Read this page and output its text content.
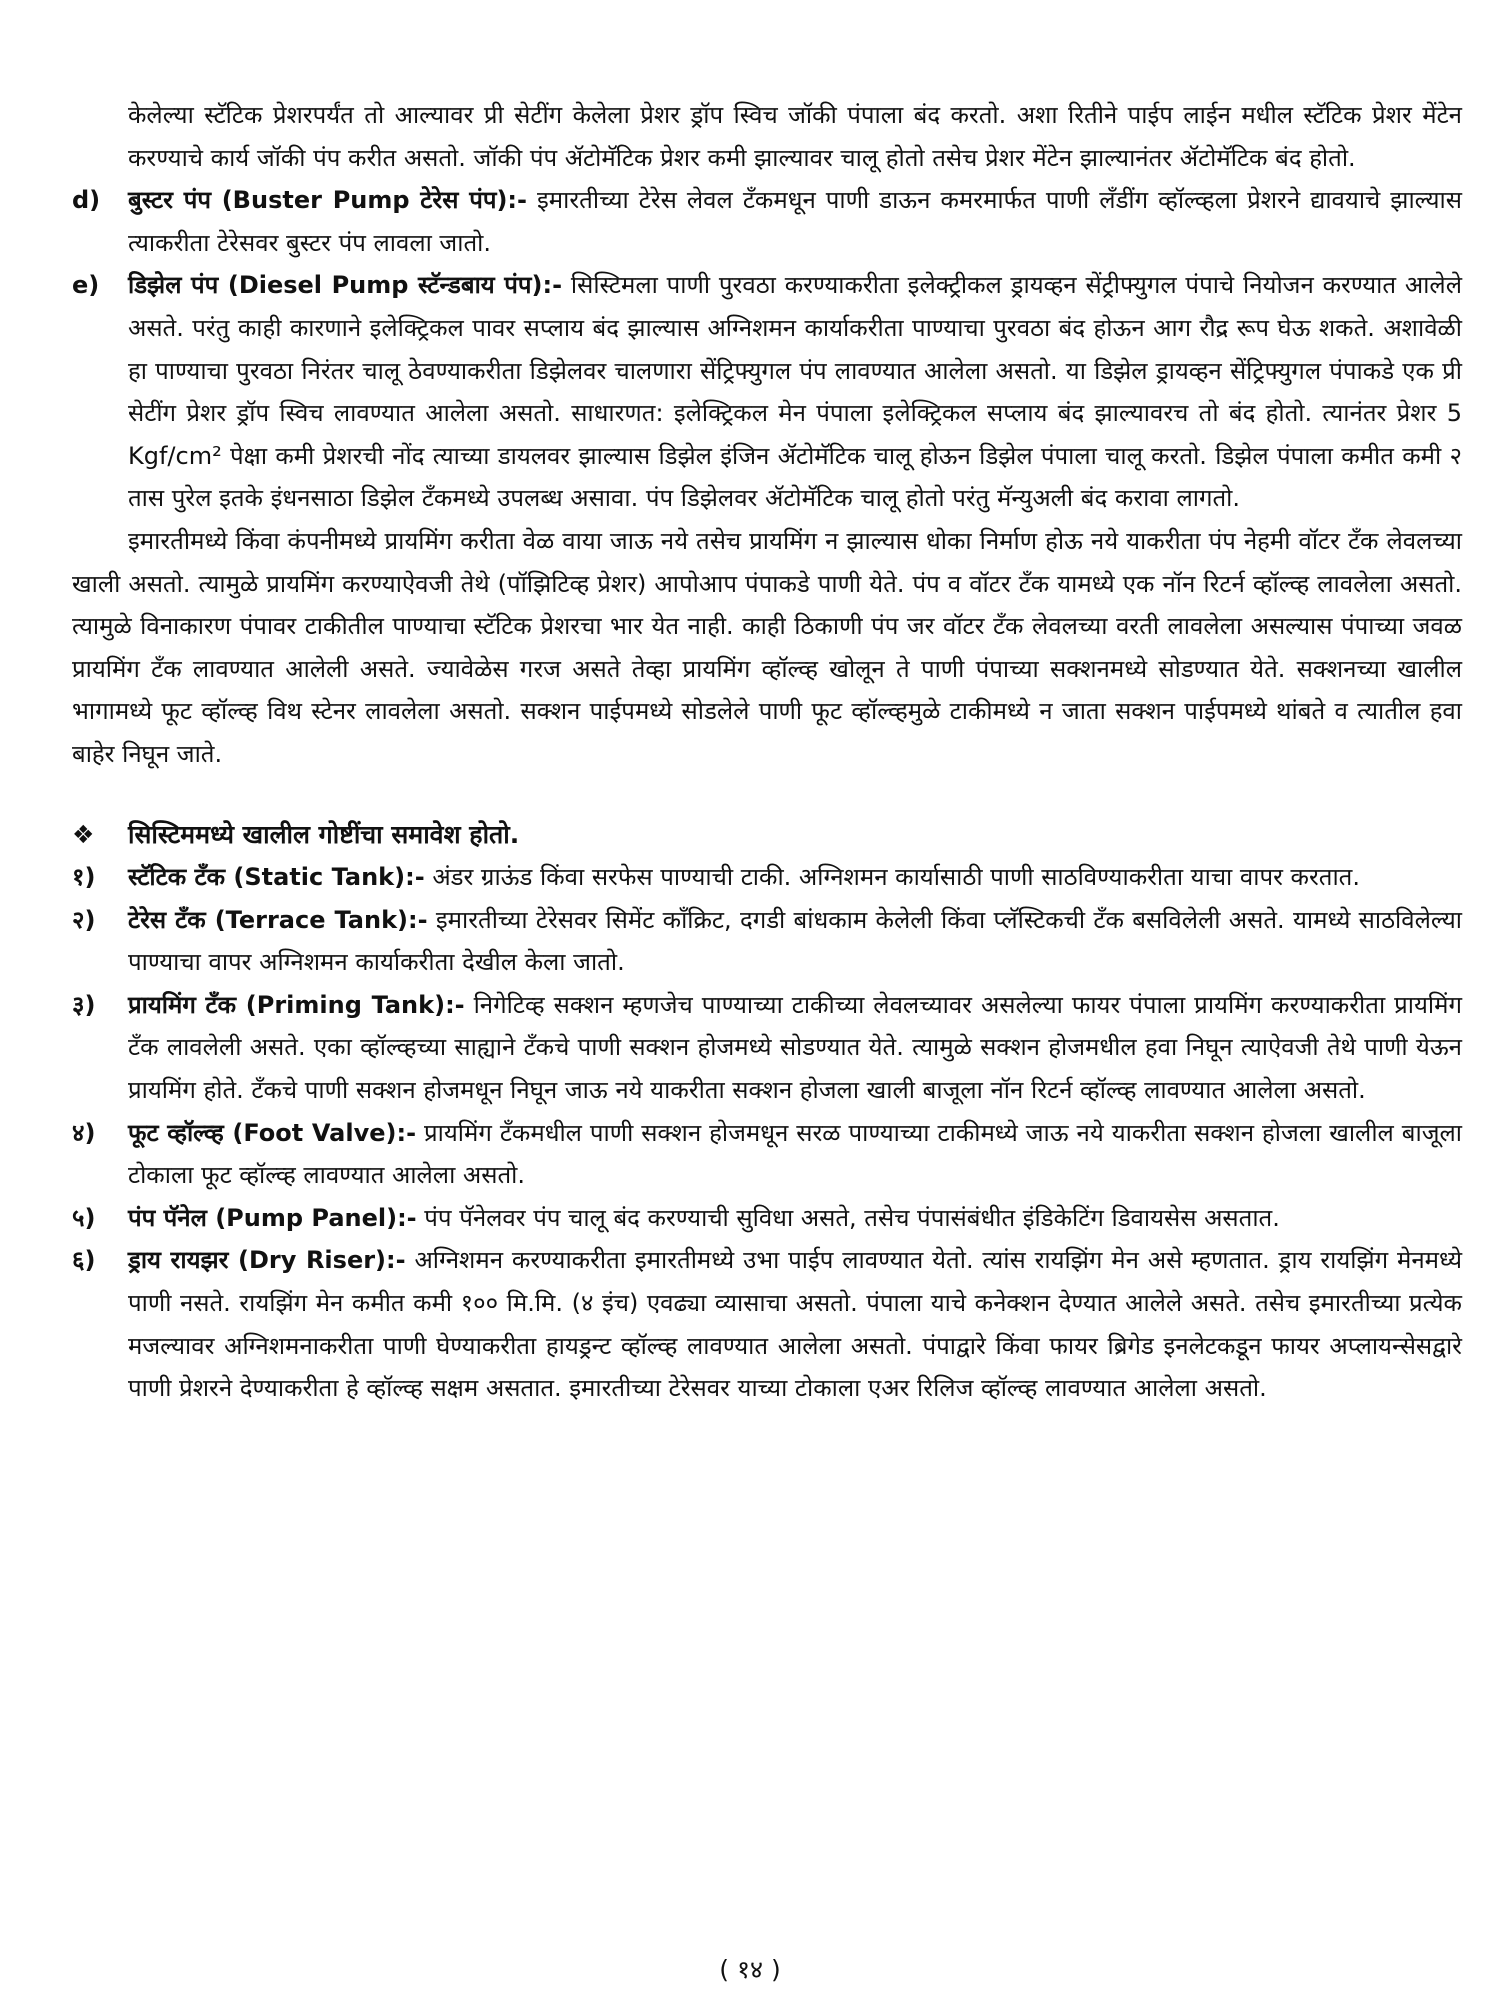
केलेल्या स्टॅटिक प्रेशरपर्यंत तो आल्यावर प्री सेटींग केलेला प्रेशर ड्रॉप स्विच जॉकी पंपाला बंद करतो. अशा रितीने पाईप लाईन मधील स्टॅटिक प्रेशर मेंटेन करण्याचे कार्य जॉकी पंप करीत असतो. जॉकी पंप ॲटोमॅटिक प्रेशर कमी झाल्यावर चालू होतो तसेच प्रेशर मेंटेन झाल्यानंतर ॲटोमॅटिक बंद होतो.

d)	बुस्टर पंप (Buster Pump टेरेस पंप):- इमारतीच्या टेरेस लेवल टँकमधून पाणी डाऊन कमरमार्फत पाणी लँडींग व्हॉल्व्हला प्रेशरने द्यावयाचे झाल्यास त्याकरीता टेरेसवर बुस्टर पंप लावला जातो.
e)	डिझेल पंप (Diesel Pump स्टॅन्डबाय पंप):- सिस्टिमला पाणी पुरवठा करण्याकरीता इलेक्ट्रीकल ड्रायव्हन सेंट्रीफ्युगल पंपाचे नियोजन करण्यात आलेले असते. परंतु काही कारणाने इलेक्ट्रिकल पावर सप्लाय बंद झाल्यास अग्निशमन कार्याकरीता पाण्याचा पुरवठा बंद होऊन आग रौद्र रूप घेऊ शकते. अशावेळी हा पाण्याचा पुरवठा निरंतर चालू ठेवण्याकरीता डिझेलवर चालणारा सेंट्रिफ्युगल पंप लावण्यात आलेला असतो. या डिझेल ड्रायव्हन सेंट्रिफ्युगल पंपाकडे एक प्री सेटींग प्रेशर ड्रॉप स्विच लावण्यात आलेला असतो. साधारणत: इलेक्ट्रिकल मेन पंपाला इलेक्ट्रिकल सप्लाय बंद झाल्यावरच तो बंद होतो. त्यानंतर प्रेशर 5 Kgf/cm² पेक्षा कमी प्रेशरची नोंद त्याच्या डायलवर झाल्यास डिझेल इंजिन ॲटोमॅटिक चालू होऊन डिझेल पंपाला चालू करतो. डिझेल पंपाला कमीत कमी २ तास पुरेल इतके इंधनसाठा डिझेल टँकमध्ये उपलब्ध असावा. पंप डिझेलवर ॲटोमॅटिक चालू होतो परंतु मॅन्युअली बंद करावा लागतो.

इमारतीमध्ये किंवा कंपनीमध्ये प्रायमिंग करीता वेळ वाया जाऊ नये तसेच प्रायमिंग न झाल्यास धोका निर्माण होऊ नये याकरीता पंप नेहमी वॉटर टँक लेवलच्या खाली असतो. त्यामुळे प्रायमिंग करण्याऐवजी तेथे (पॉझिटिव्ह प्रेशर) आपोआप पंपाकडे पाणी येते. पंप व वॉटर टँक यामध्ये एक नॉन रिटर्न व्हॉल्व्ह लावलेला असतो. त्यामुळे विनाकारण पंपावर टाकीतील पाण्याचा स्टॅटिक प्रेशरचा भार येत नाही. काही ठिकाणी पंप जर वॉटर टँक लेवलच्या वरती लावलेला असल्यास पंपाच्या जवळ प्रायमिंग टँक लावण्यात आलेली असते. ज्यावेळेस गरज असते तेव्हा प्रायमिंग व्हॉल्व्ह खोलून ते पाणी पंपाच्या सक्शनमध्ये सोडण्यात येते. सक्शनच्या खालील भागामध्ये फूट व्हॉल्व्ह विथ स्टेनर लावलेला असतो. सक्शन पाईपमध्ये सोडलेले पाणी फूट व्हॉल्व्हमुळे टाकीमध्ये न जाता सक्शन पाईपमध्ये थांबते व त्यातील हवा बाहेर निघून जाते.

❖	सिस्टिममध्ये खालील गोष्टींचा समावेश होतो.
१)	स्टॅटिक टँक (Static Tank):- अंडर ग्राऊंड किंवा सरफेस पाण्याची टाकी. अग्निशमन कार्यासाठी पाणी साठविण्याकरीता याचा वापर करतात.
२)	टेरेस टँक (Terrace Tank):- इमारतीच्या टेरेसवर सिमेंट कॉंक्रिट, दगडी बांधकाम केलेली किंवा प्लॅस्टिकची टँक बसविलेली असते. यामध्ये साठविलेल्या पाण्याचा वापर अग्निशमन कार्याकरीता देखील केला जातो.
३)	प्रायमिंग टँक (Priming Tank):- निगेटिव्ह सक्शन म्हणजेच पाण्याच्या टाकीच्या लेवलच्यावर असलेल्या फायर पंपाला प्रायमिंग करण्याकरीता प्रायमिंग टँक लावलेली असते. एका व्हॉल्व्हच्या साह्याने टँकचे पाणी सक्शन होजमध्ये सोडण्यात येते. त्यामुळे सक्शन होजमधील हवा निघून त्याऐवजी तेथे पाणी येऊन प्रायमिंग होते. टँकचे पाणी सक्शन होजमधून निघून जाऊ नये याकरीता सक्शन होजला खाली बाजूला नॉन रिटर्न व्हॉल्व्ह लावण्यात आलेला असतो.
४)	फूट व्हॉल्व्ह (Foot Valve):- प्रायमिंग टँकमधील पाणी सक्शन होजमधून सरळ पाण्याच्या टाकीमध्ये जाऊ नये याकरीता सक्शन होजला खालील बाजूला टोकाला फूट व्हॉल्व्ह लावण्यात आलेला असतो.
५)	पंप पॅनेल (Pump Panel):- पंप पॅनेलवर पंप चालू बंद करण्याची सुविधा असते, तसेच पंपासंबंधीत इंडिकेटिंग डिवायसेस असतात.
६)	ड्राय रायझर (Dry Riser):- अग्निशमन करण्याकरीता इमारतीमध्ये उभा पाईप लावण्यात येतो. त्यांस रायझिंग मेन असे म्हणतात. ड्राय रायझिंग मेनमध्ये पाणी नसते. रायझिंग मेन कमीत कमी १०० मि.मि. (४ इंच) एवढ्या व्यासाचा असतो. पंपाला याचे कनेक्शन देण्यात आलेले असते. तसेच इमारतीच्या प्रत्येक मजल्यावर अग्निशमनाकरीता पाणी घेण्याकरीता हायड्रन्ट व्हॉल्व्ह लावण्यात आलेला असतो. पंपाद्वारे किंवा फायर ब्रिगेड इनलेटकडून फायर अप्लायन्सेसद्वारे पाणी प्रेशरने देण्याकरीता हे व्हॉल्व्ह सक्षम असतात. इमारतीच्या टेरेसवर याच्या टोकाला एअर रिलिज व्हॉल्व्ह लावण्यात आलेला असतो.
( १४ )
